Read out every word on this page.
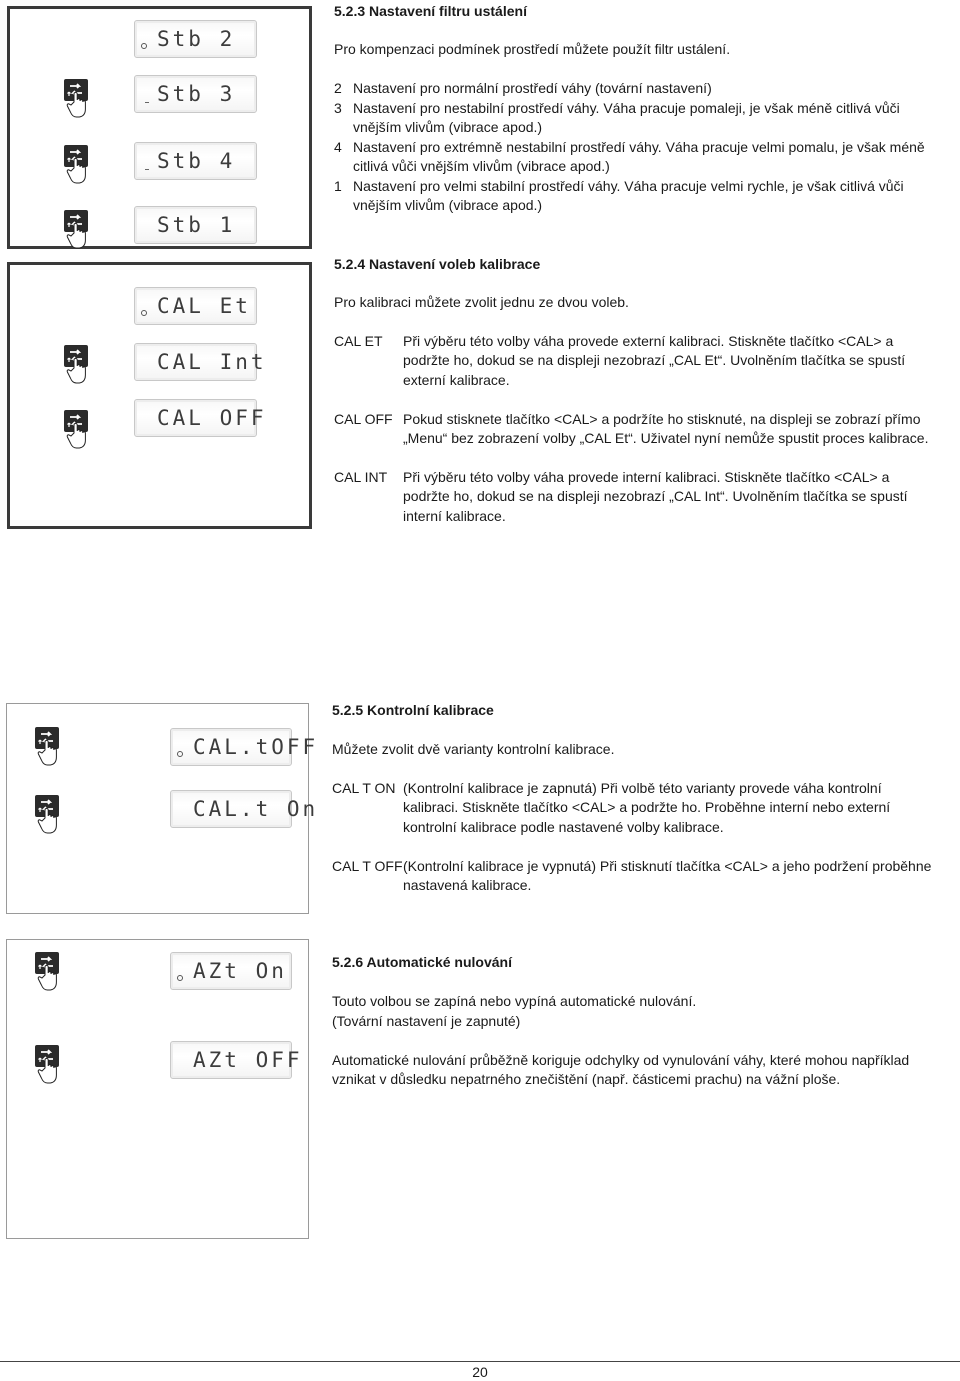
Stb 2
Stb 3
Stb 4
Stb 1
5.2.3 Nastavení filtru ustálení
Pro kompenzaci podmínek prostředí můžete použít filtr ustálení.
2 Nastavení pro normální prostředí váhy (tovární nastavení)
3 Nastavení pro nestabilní prostředí váhy. Váha pracuje pomaleji, je však méně citlivá vůči
vnějším vlivům (vibrace apod.)
4 Nastavení pro extrémně nestabilní prostředí váhy. Váha pracuje velmi pomalu, je však méně
citlivá vůči vnějším vlivům (vibrace apod.)
1 Nastavení pro velmi stabilní prostředí váhy. Váha pracuje velmi rychle, je však citlivá vůči
vnějším vlivům (vibrace apod.)
CAL Et
CAL Int
CAL OFF
5.2.4 Nastavení voleb kalibrace
Pro kalibraci můžete zvolit jednu ze dvou voleb.
CAL ET Při výběru této volby váha provede externí kalibraci. Stiskněte tlačítko <CAL> a
podržte ho, dokud se na displeji nezobrazí „CAL Et“. Uvolněním tlačítka se spustí
externí kalibrace.
CAL OFF Pokud stisknete tlačítko <CAL> a podržíte ho stisknuté, na displeji se zobrazí přímo
„Menu“ bez zobrazení volby „CAL Et“. Uživatel nyní nemůže spustit proces kalibrace.
CAL INT Při výběru této volby váha provede interní kalibraci. Stiskněte tlačítko <CAL> a
podržte ho, dokud se na displeji nezobrazí „CAL Int“. Uvolněním tlačítka se spustí
interní kalibrace.
CAL.tOFF
CAL.t On
5.2.5 Kontrolní kalibrace
Můžete zvolit dvě varianty kontrolní kalibrace.
CAL T ON (Kontrolní kalibrace je zapnutá) Při volbě této varianty provede váha kontrolní
kalibraci. Stiskněte tlačítko <CAL> a podržte ho. Proběhne interní nebo externí
kontrolní kalibrace podle nastavené volby kalibrace.
CAL T OFF (Kontrolní kalibrace je vypnutá) Při stisknutí tlačítka <CAL> a jeho podržení proběhne
nastavená kalibrace.
AZt On
AZt OFF
5.2.6 Automatické nulování
Touto volbou se zapíná nebo vypíná automatické nulování.
(Tovární nastavení je zapnuté)
Automatické nulování průběžně koriguje odchylky od vynulování váhy, které mohou například
vznikat v důsledku nepatrného znečištění (např. částicemi prachu) na vážní ploše.
20
